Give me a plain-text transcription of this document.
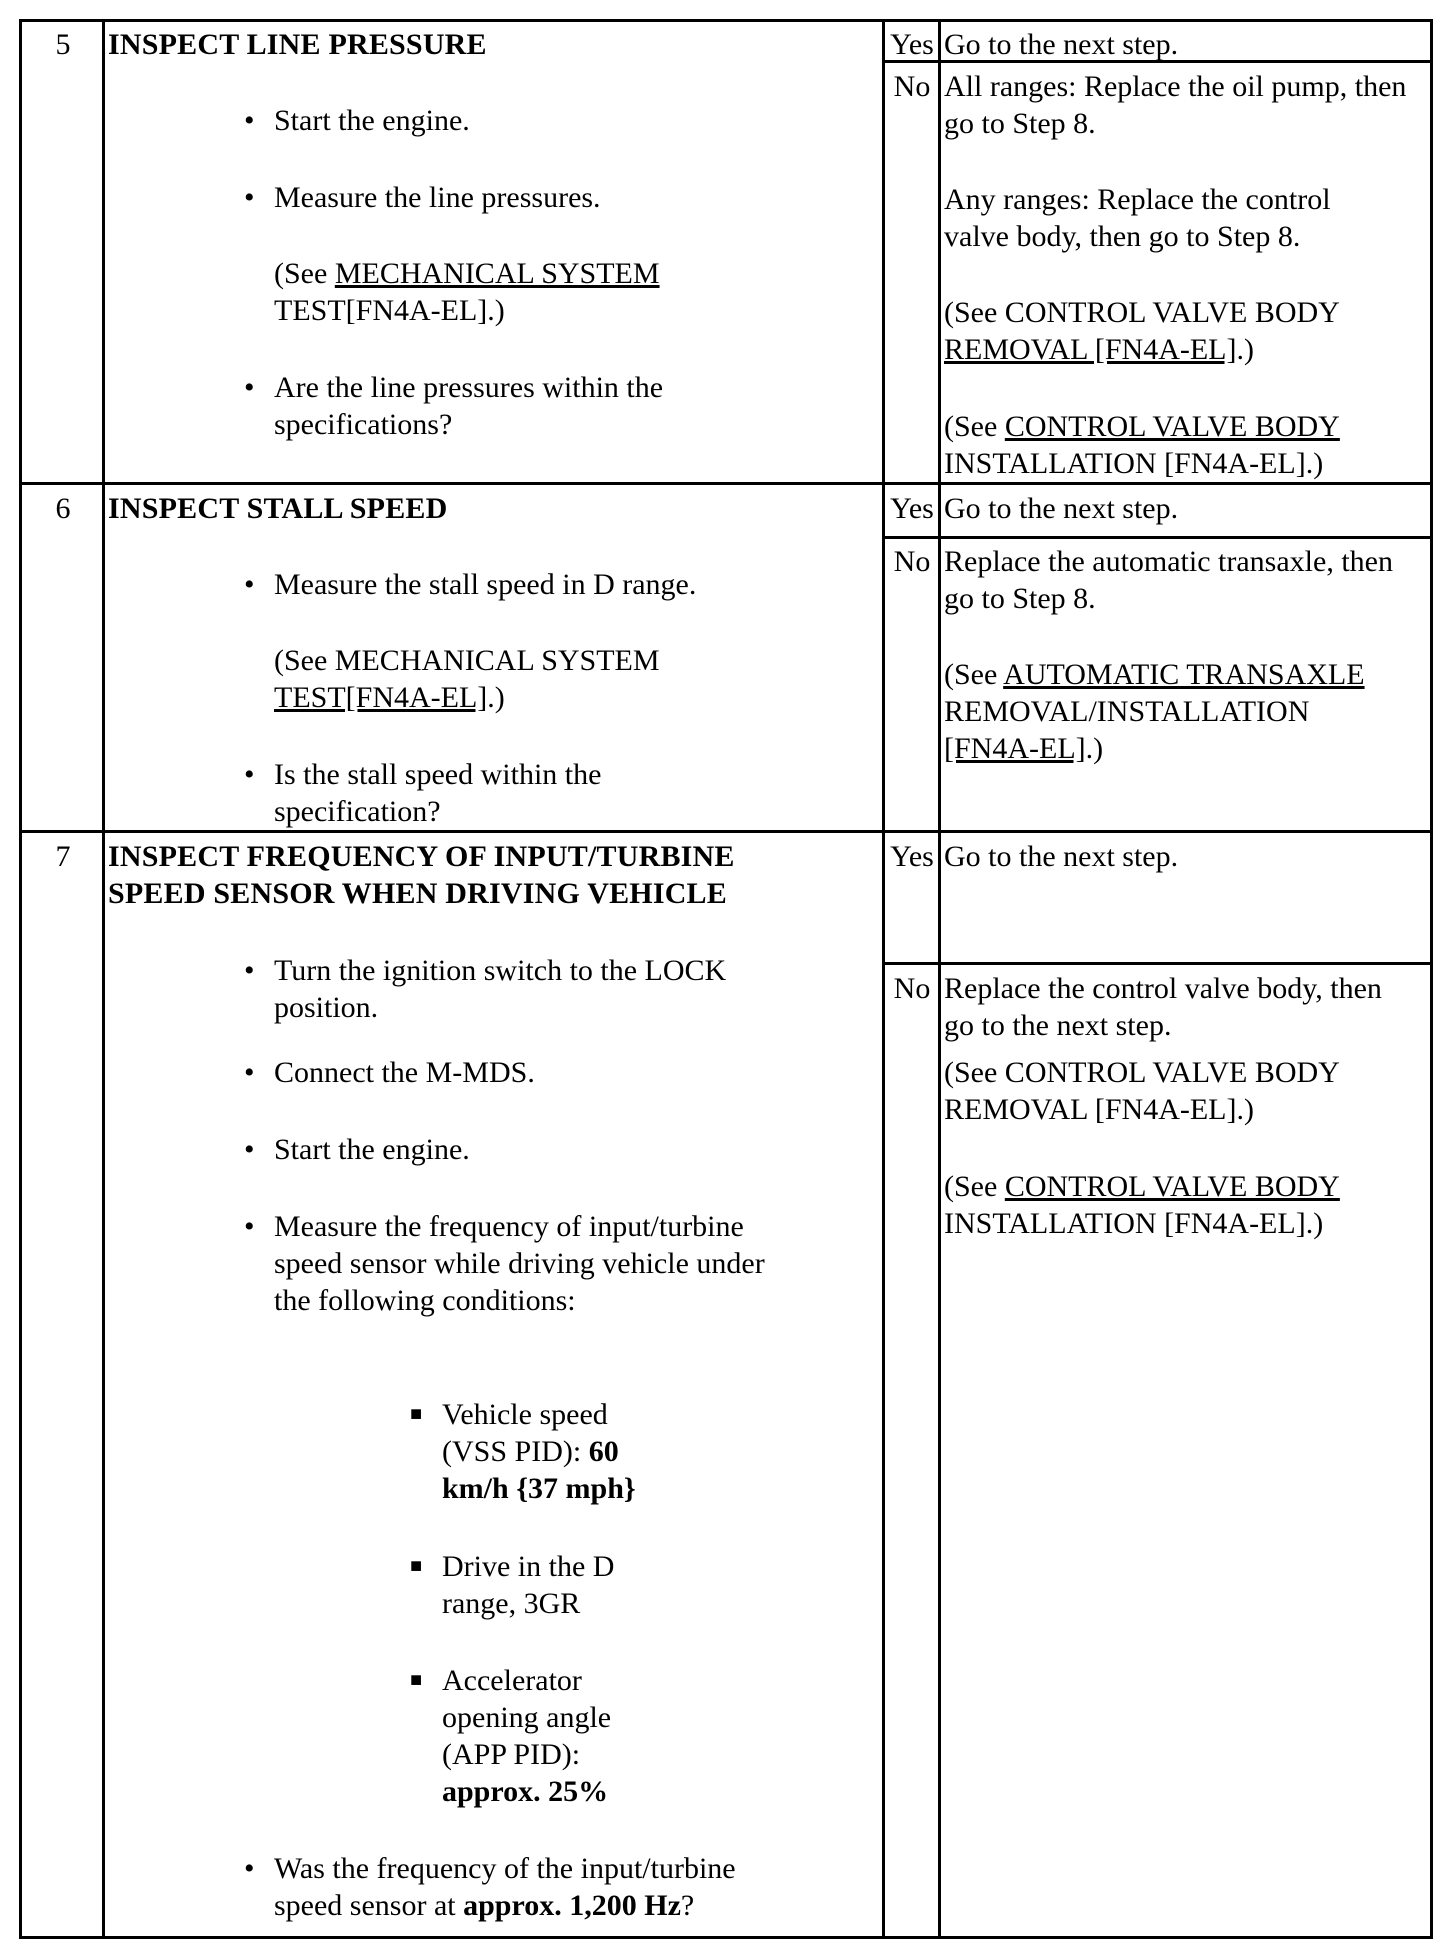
5	INSPECT LINE PRESSURE
• Start the engine.
• Measure the line pressures.
(See MECHANICAL SYSTEM
TEST[FN4A-EL].)
• Are the line pressures within the specifications?
Yes Go to the next step.
No All ranges: Replace the oil pump, then go to Step 8.
Any ranges: Replace the control valve body, then go to Step 8.
(See CONTROL VALVE BODY
REMOVAL [FN4A-EL].)
(See CONTROL VALVE BODY
INSTALLATION [FN4A-EL].)
6	INSPECT STALL SPEED
• Measure the stall speed in D range.
(See MECHANICAL SYSTEM
TEST[FN4A-EL].)
• Is the stall speed within the specification?
Yes Go to the next step.
No Replace the automatic transaxle, then go to Step 8.
(See AUTOMATIC TRANSAXLE
REMOVAL/INSTALLATION
[FN4A-EL].)
7	INSPECT FREQUENCY OF INPUT/TURBINE
SPEED SENSOR WHEN DRIVING VEHICLE
• Turn the ignition switch to the LOCK position.
• Connect the M-MDS.
• Start the engine.
• Measure the frequency of input/turbine speed sensor while driving vehicle under the following conditions:
■ Vehicle speed
(VSS PID): 60
km/h {37 mph}
■ Drive in the D
range, 3GR
■ Accelerator
opening angle
(APP PID):
approx. 25%
• Was the frequency of the input/turbine
speed sensor at approx. 1,200 Hz?
Yes Go to the next step.
No Replace the control valve body, then go to the next step.
(See CONTROL VALVE BODY
REMOVAL [FN4A-EL].)
(See CONTROL VALVE BODY
INSTALLATION [FN4A-EL].)
